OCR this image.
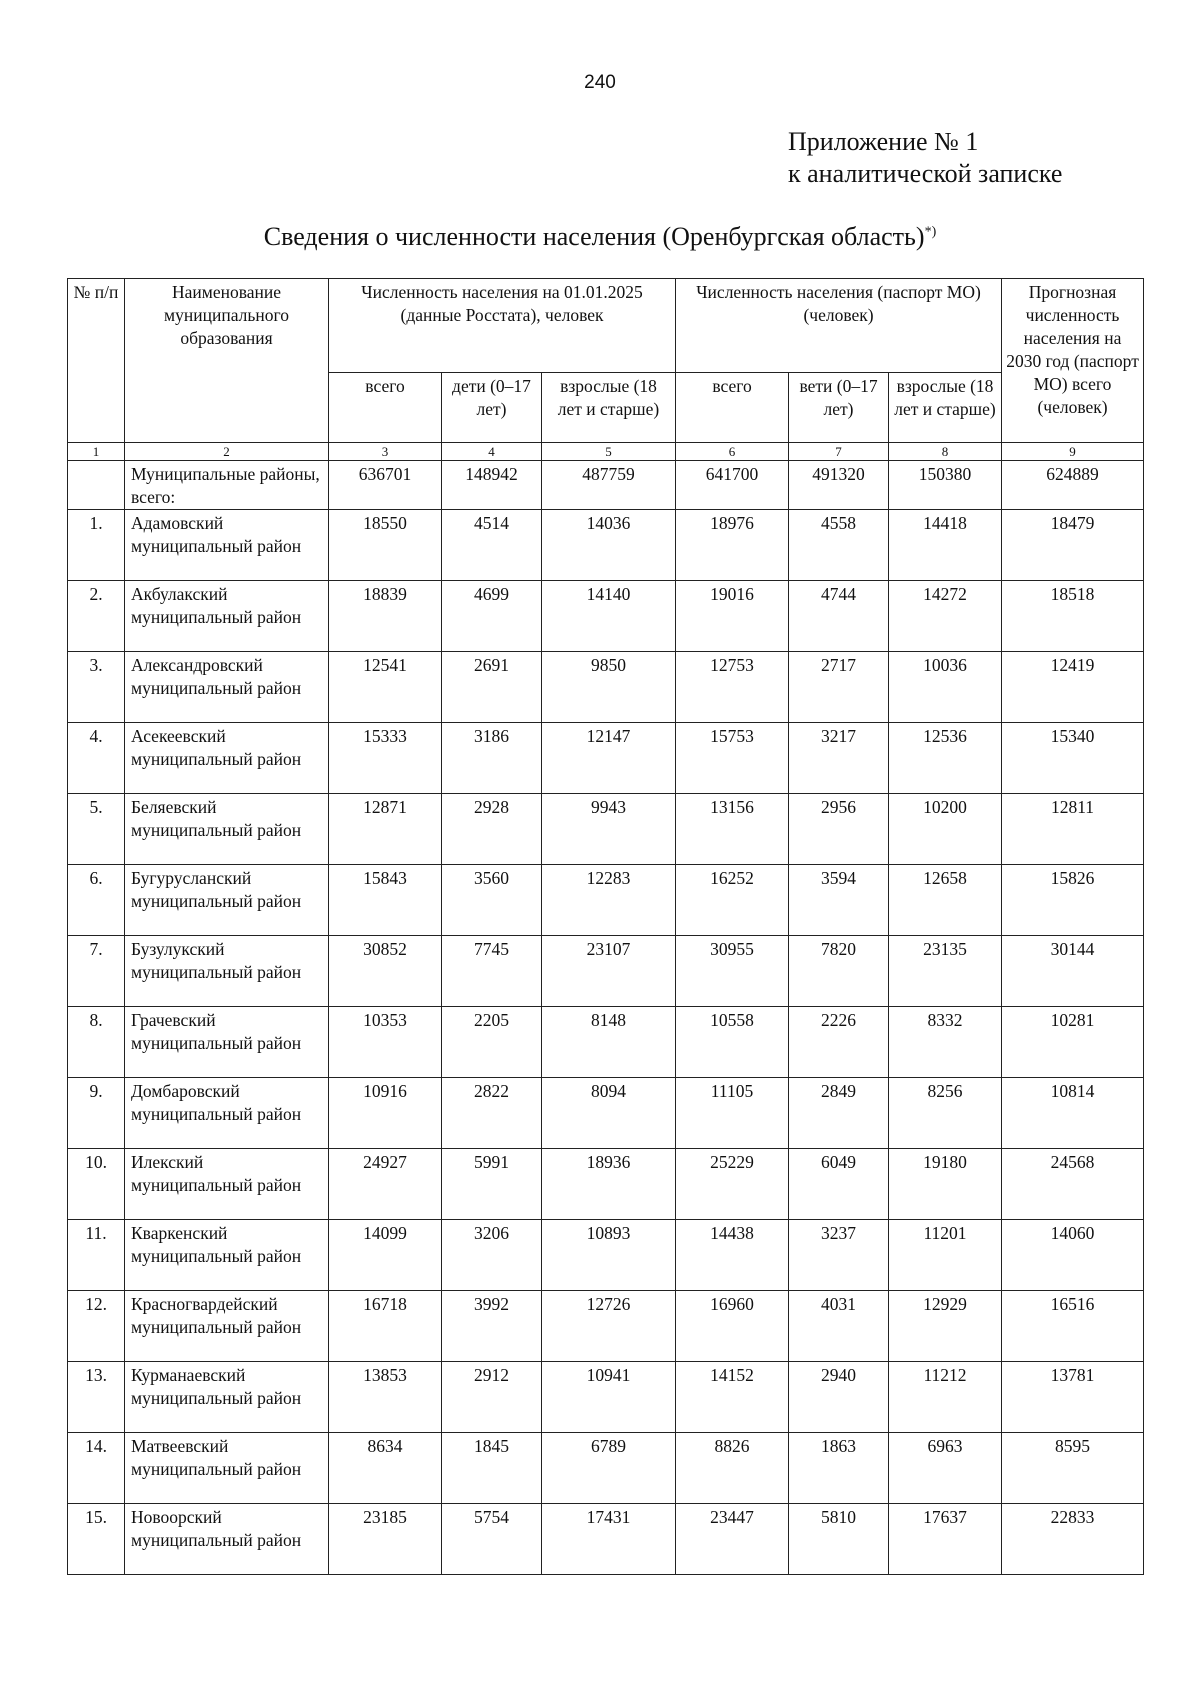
240
Приложение № 1
к аналитической записке
Сведения о численности населения (Оренбургская область)*)
№ п/п	Наименование муниципального образования	Численность населения на 01.01.2025 (данные Росстата), человек			Численность населения (паспорт МО) (человек)			Прогнозная численность населения на 2030 год (паспорт МО) всего (человек)
		всего	дети (0–17 лет)	взрослые (18 лет и старше)	всего	вети (0–17 лет)	взрослые (18 лет и старше)	
1	2	3	4	5	6	7	8	9
	Муниципальные районы, всего:	636701	148942	487759	641700	491320	150380	624889
1.	Адамовский муниципальный район	18550	4514	14036	18976	4558	14418	18479
2.	Акбулакский муниципальный район	18839	4699	14140	19016	4744	14272	18518
3.	Александровский муниципальный район	12541	2691	9850	12753	2717	10036	12419
4.	Асекеевский муниципальный район	15333	3186	12147	15753	3217	12536	15340
5.	Беляевский муниципальный район	12871	2928	9943	13156	2956	10200	12811
6.	Бугурусланский муниципальный район	15843	3560	12283	16252	3594	12658	15826
7.	Бузулукский муниципальный район	30852	7745	23107	30955	7820	23135	30144
8.	Грачевский муниципальный район	10353	2205	8148	10558	2226	8332	10281
9.	Домбаровский муниципальный район	10916	2822	8094	11105	2849	8256	10814
10.	Илекский муниципальный район	24927	5991	18936	25229	6049	19180	24568
11.	Кваркенский муниципальный район	14099	3206	10893	14438	3237	11201	14060
12.	Красногвардейский муниципальный район	16718	3992	12726	16960	4031	12929	16516
13.	Курманаевский муниципальный район	13853	2912	10941	14152	2940	11212	13781
14.	Матвеевский муниципальный район	8634	1845	6789	8826	1863	6963	8595
15.	Новоорский муниципальный район	23185	5754	17431	23447	5810	17637	22833
